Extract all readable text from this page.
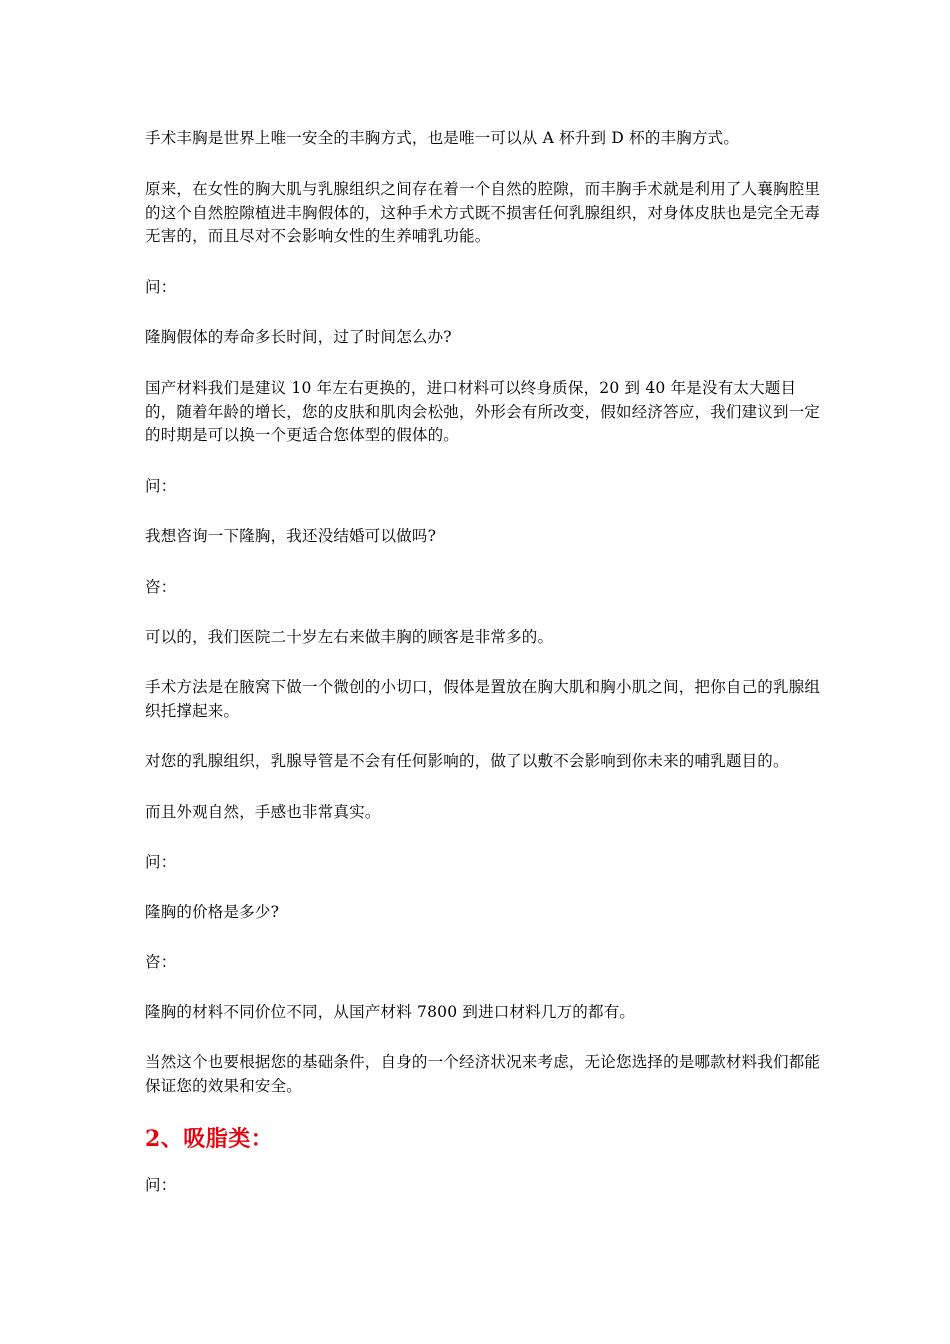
手术丰胸是世界上唯一安全的丰胸方式，也是唯一可以从 A 杯升到 D 杯的丰胸方式。

原来，在女性的胸大肌与乳腺组织之间存在着一个自然的腔隙，而丰胸手术就是利用了人襄胸腔里的这个自然腔隙植进丰胸假体的，这种手术方式既不损害任何乳腺组织，对身体皮肤也是完全无毒无害的，而且尽对不会影响女性的生养哺乳功能。

问：

隆胸假体的寿命多长时间，过了时间怎么办?

国产材料我们是建议 10 年左右更换的，进口材料可以终身质保，20 到 40 年是没有太大题目的，随着年龄的增长，您的皮肤和肌肉会松弛，外形会有所改变，假如经济答应，我们建议到一定的时期是可以换一个更适合您体型的假体的。

问：

我想咨询一下隆胸，我还没结婚可以做吗?

咨：

可以的，我们医院二十岁左右来做丰胸的顾客是非常多的。

手术方法是在腋窝下做一个微创的小切口，假体是置放在胸大肌和胸小肌之间，把你自己的乳腺组织托撑起来。

对您的乳腺组织，乳腺导管是不会有任何影响的，做了以敷不会影响到你未来的哺乳题目的。

而且外观自然，手感也非常真实。

问：

隆胸的价格是多少?

咨：

隆胸的材料不同价位不同，从国产材料 7800 到进口材料几万的都有。

当然这个也要根据您的基础条件，自身的一个经济状况来考虑，无论您选择的是哪款材料我们都能保证您的效果和安全。

2、吸脂类：

问：
